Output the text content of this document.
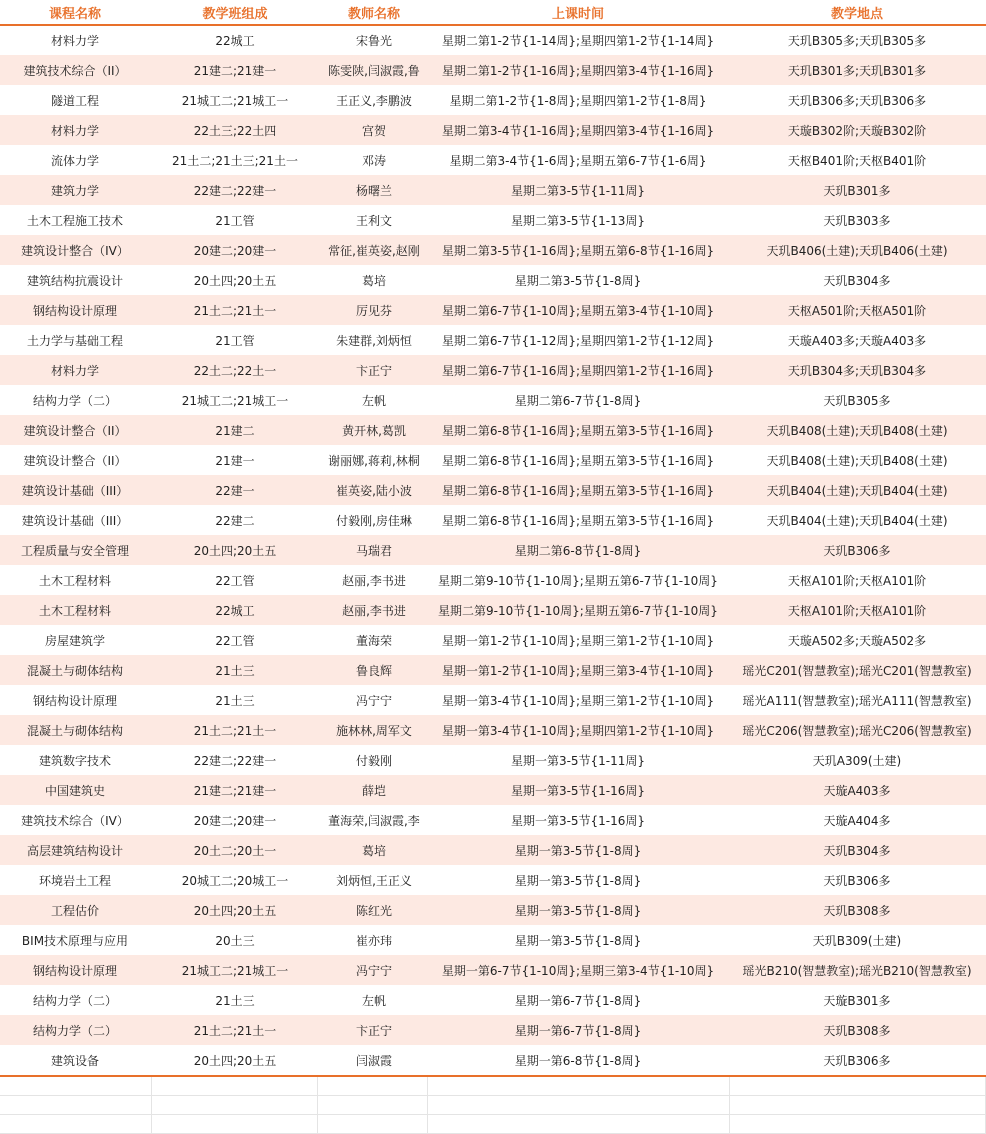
课程名称	教学班组成	教师名称	上课时间	教学地点
材料力学	22城工	宋鲁光	星期二第1-2节{1-14周};星期四第1-2节{1-14周}	天玑B305多;天玑B305多
建筑技术综合（II）	21建二;21建一	陈雯陕,闫淑霞,鲁	星期二第1-2节{1-16周};星期四第3-4节{1-16周}	天玑B301多;天玑B301多
隧道工程	21城工二;21城工一	王正义,李鹏波	星期二第1-2节{1-8周};星期四第1-2节{1-8周}	天玑B306多;天玑B306多
材料力学	22土三;22土四	宫贺	星期二第3-4节{1-16周};星期四第3-4节{1-16周}	天璇B302阶;天璇B302阶
流体力学	21土二;21土三;21土一	邓涛	星期二第3-4节{1-6周};星期五第6-7节{1-6周}	天枢B401阶;天枢B401阶
建筑力学	22建二;22建一	杨曙兰	星期二第3-5节{1-11周}	天玑B301多
土木工程施工技术	21工管	王利文	星期二第3-5节{1-13周}	天玑B303多
建筑设计整合（IV）	20建二;20建一	常征,崔英姿,赵刚	星期二第3-5节{1-16周};星期五第6-8节{1-16周}	天玑B406(土建);天玑B406(土建)
建筑结构抗震设计	20土四;20土五	葛培	星期二第3-5节{1-8周}	天玑B304多
钢结构设计原理	21土二;21土一	厉见芬	星期二第6-7节{1-10周};星期五第3-4节{1-10周}	天枢A501阶;天枢A501阶
土力学与基础工程	21工管	朱建群,刘炳恒	星期二第6-7节{1-12周};星期四第1-2节{1-12周}	天璇A403多;天璇A403多
材料力学	22土二;22土一	卞正宁	星期二第6-7节{1-16周};星期四第1-2节{1-16周}	天玑B304多;天玑B304多
结构力学（二）	21城工二;21城工一	左帆	星期二第6-7节{1-8周}	天玑B305多
建筑设计整合（II）	21建二	黄开林,葛凯	星期二第6-8节{1-16周};星期五第3-5节{1-16周}	天玑B408(土建);天玑B408(土建)
建筑设计整合（II）	21建一	谢丽娜,蒋莉,林桐	星期二第6-8节{1-16周};星期五第3-5节{1-16周}	天玑B408(土建);天玑B408(土建)
建筑设计基础（III）	22建一	崔英姿,陆小波	星期二第6-8节{1-16周};星期五第3-5节{1-16周}	天玑B404(土建);天玑B404(土建)
建筑设计基础（III）	22建二	付毅刚,房佳琳	星期二第6-8节{1-16周};星期五第3-5节{1-16周}	天玑B404(土建);天玑B404(土建)
工程质量与安全管理	20土四;20土五	马瑞君	星期二第6-8节{1-8周}	天玑B306多
土木工程材料	22工管	赵丽,李书进	星期二第9-10节{1-10周};星期五第6-7节{1-10周}	天枢A101阶;天枢A101阶
土木工程材料	22城工	赵丽,李书进	星期二第9-10节{1-10周};星期五第6-7节{1-10周}	天枢A101阶;天枢A101阶
房屋建筑学	22工管	董海荣	星期一第1-2节{1-10周};星期三第1-2节{1-10周}	天璇A502多;天璇A502多
混凝土与砌体结构	21土三	鲁良辉	星期一第1-2节{1-10周};星期三第3-4节{1-10周}	瑶光C201(智慧教室);瑶光C201(智慧教室)
钢结构设计原理	21土三	冯宁宁	星期一第3-4节{1-10周};星期三第1-2节{1-10周}	瑶光A111(智慧教室);瑶光A111(智慧教室)
混凝土与砌体结构	21土二;21土一	施林林,周军文	星期一第3-4节{1-10周};星期四第1-2节{1-10周}	瑶光C206(智慧教室);瑶光C206(智慧教室)
建筑数字技术	22建二;22建一	付毅刚	星期一第3-5节{1-11周}	天玑A309(土建)
中国建筑史	21建二;21建一	薛垲	星期一第3-5节{1-16周}	天璇A403多
建筑技术综合（IV）	20建二;20建一	董海荣,闫淑霞,李	星期一第3-5节{1-16周}	天璇A404多
高层建筑结构设计	20土二;20土一	葛培	星期一第3-5节{1-8周}	天玑B304多
环境岩土工程	20城工二;20城工一	刘炳恒,王正义	星期一第3-5节{1-8周}	天玑B306多
工程估价	20土四;20土五	陈红光	星期一第3-5节{1-8周}	天玑B308多
BIM技术原理与应用	20土三	崔亦玮	星期一第3-5节{1-8周}	天玑B309(土建)
钢结构设计原理	21城工二;21城工一	冯宁宁	星期一第6-7节{1-10周};星期三第3-4节{1-10周}	瑶光B210(智慧教室);瑶光B210(智慧教室)
结构力学（二）	21土三	左帆	星期一第6-7节{1-8周}	天璇B301多
结构力学（二）	21土二;21土一	卞正宁	星期一第6-7节{1-8周}	天玑B308多
建筑设备	20土四;20土五	闫淑霞	星期一第6-8节{1-8周}	天玑B306多
